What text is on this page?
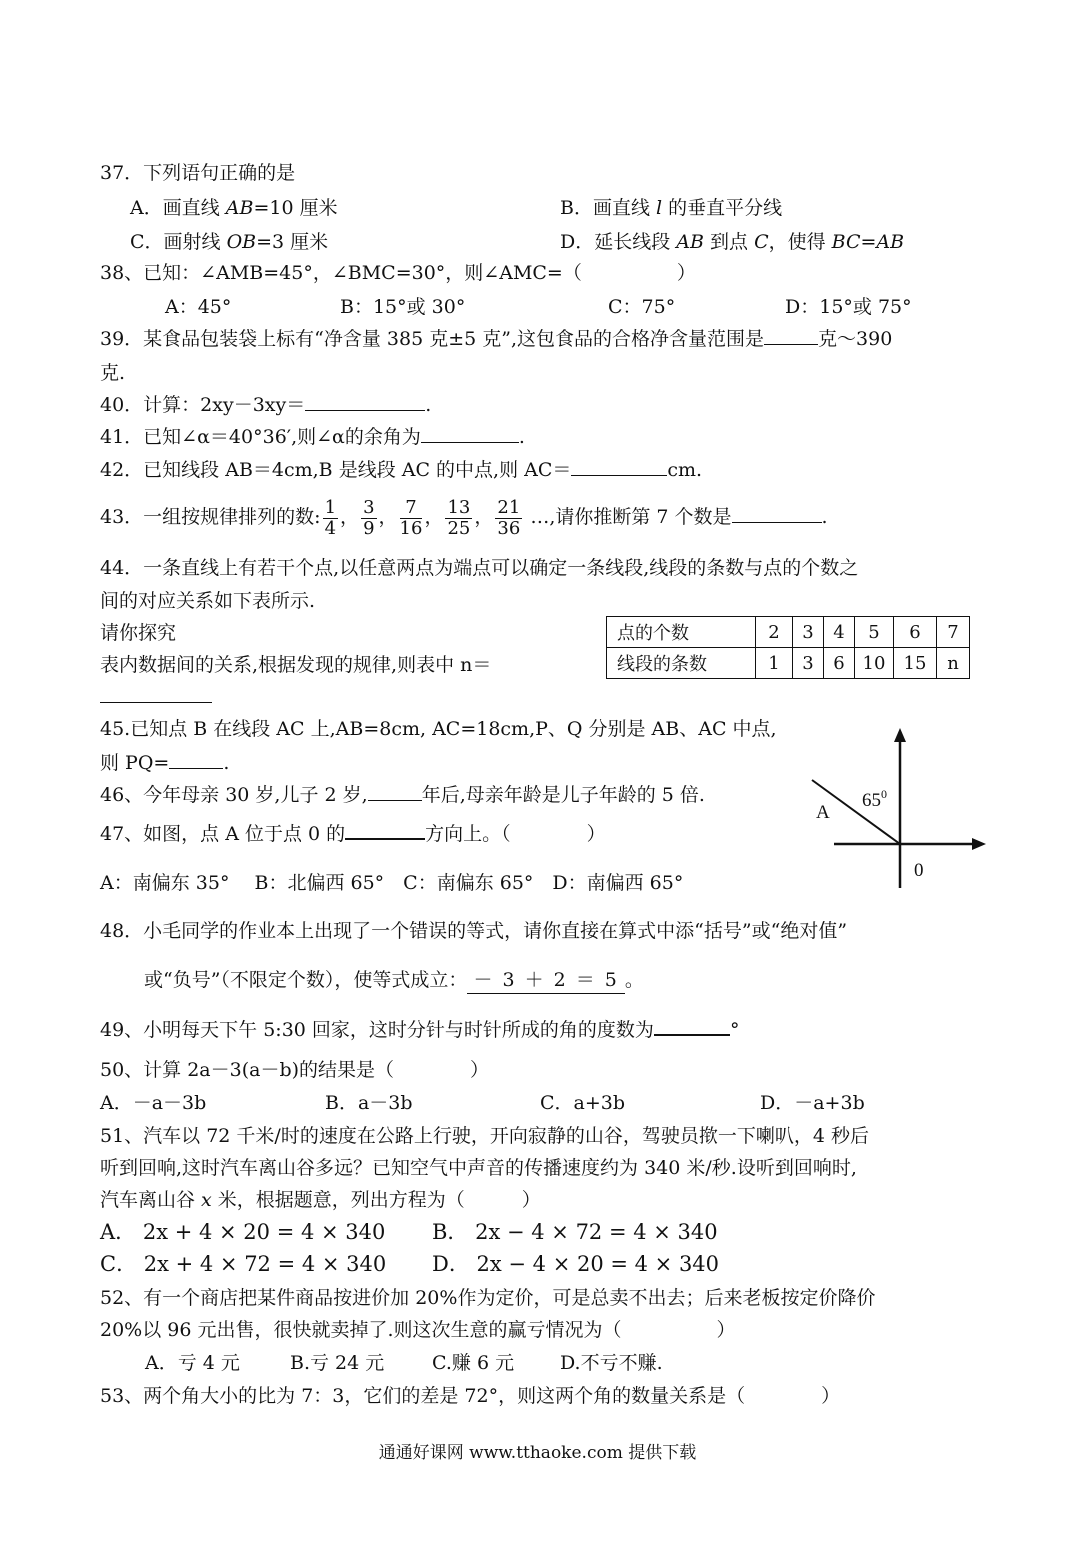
37．下列语句正确的是
A．画直线 AB=10 厘米	B．画直线 l 的垂直平分线
C．画射线 OB=3 厘米	D．延长线段 AB 到点 C，使得 BC=AB
38、已知：∠AMB=45°，∠BMC=30°，则∠AMC=（　　　　　）
A：45°	B：15°或 30°	C：75°	D：15°或 75°
39．某食品包装袋上标有“净含量 385 克±5 克”,这包食品的合格净含量范围是	克～390
克.
40．计算：2xy－3xy＝	.
41．已知∠α＝40°36′,则∠α的余角为	.
42．已知线段 AB＝4cm,B 是线段 AC 的中点,则 AC＝	cm.
43．一组按规律排列的数: $\frac{1}{4}$ ， $\frac{3}{9}$ ， $\frac{7}{16}$ ， $\frac{13}{25}$ ， $\frac{21}{36}$ …,请你推断第 7 个数是	.
44．一条直线上有若干个点,以任意两点为端点可以确定一条线段,线段的条数与点的个数之
间的对应关系如下表所示.
请你探究
表内数据间的关系,根据发现的规律,则表中 n＝
点的个数	2	3	4	5	6	7
线段的条数	1	3	6	10	15	n
45.已知点 B 在线段 AC 上,AB=8cm, AC=18cm,P、Q 分别是 AB、AC 中点,
则 PQ=	.
46、今年母亲 30 岁,儿子 2 岁,	年后,母亲年龄是儿子年龄的 5 倍.
47、如图，点 A 位于点 0 的	方向上。（　　　　）
A：南偏东 35°　 B：北偏西 65°　C：南偏东 65°　D：南偏西 65°
A
$65^0$
0
48．小毛同学的作业本上出现了一个错误的等式，请你直接在算式中添“括号”或“绝对值”
或“负号”（不限定个数），使等式成立： － 3 ＋ 2 ＝ 5。
49、小明每天下午 5:30 回家，这时分针与时针所成的角的度数为	°
50、计算 2a－3(a－b)的结果是（　　　　）
A．－a－3b	B．a－3b	C．a+3b	D．－a+3b
51、汽车以 72 千米/时的速度在公路上行驶，开向寂静的山谷，驾驶员揿一下喇叭，4 秒后
听到回响,这时汽车离山谷多远？已知空气中声音的传播速度约为 340 米/秒.设听到回响时,
汽车离山谷 x 米，根据题意，列出方程为（　　　）
A． 2x + 4 × 20 = 4 × 340 B． 2x − 4 × 72 = 4 × 340
C． 2x + 4 × 72 = 4 × 340 D． 2x − 4 × 20 = 4 × 340
52、有一个商店把某件商品按进价加 20%作为定价，可是总卖不出去；后来老板按定价降价
20%以 96 元出售，很快就卖掉了.则这次生意的赢亏情况为（　　　　　）
A．亏 4 元	B.亏 24 元	C.赚 6 元 D.不亏不赚.
53、两个角大小的比为 7：3，它们的差是 72°，则这两个角的数量关系是（　　　　）
通通好课网 www.tthaoke.com 提供下载
